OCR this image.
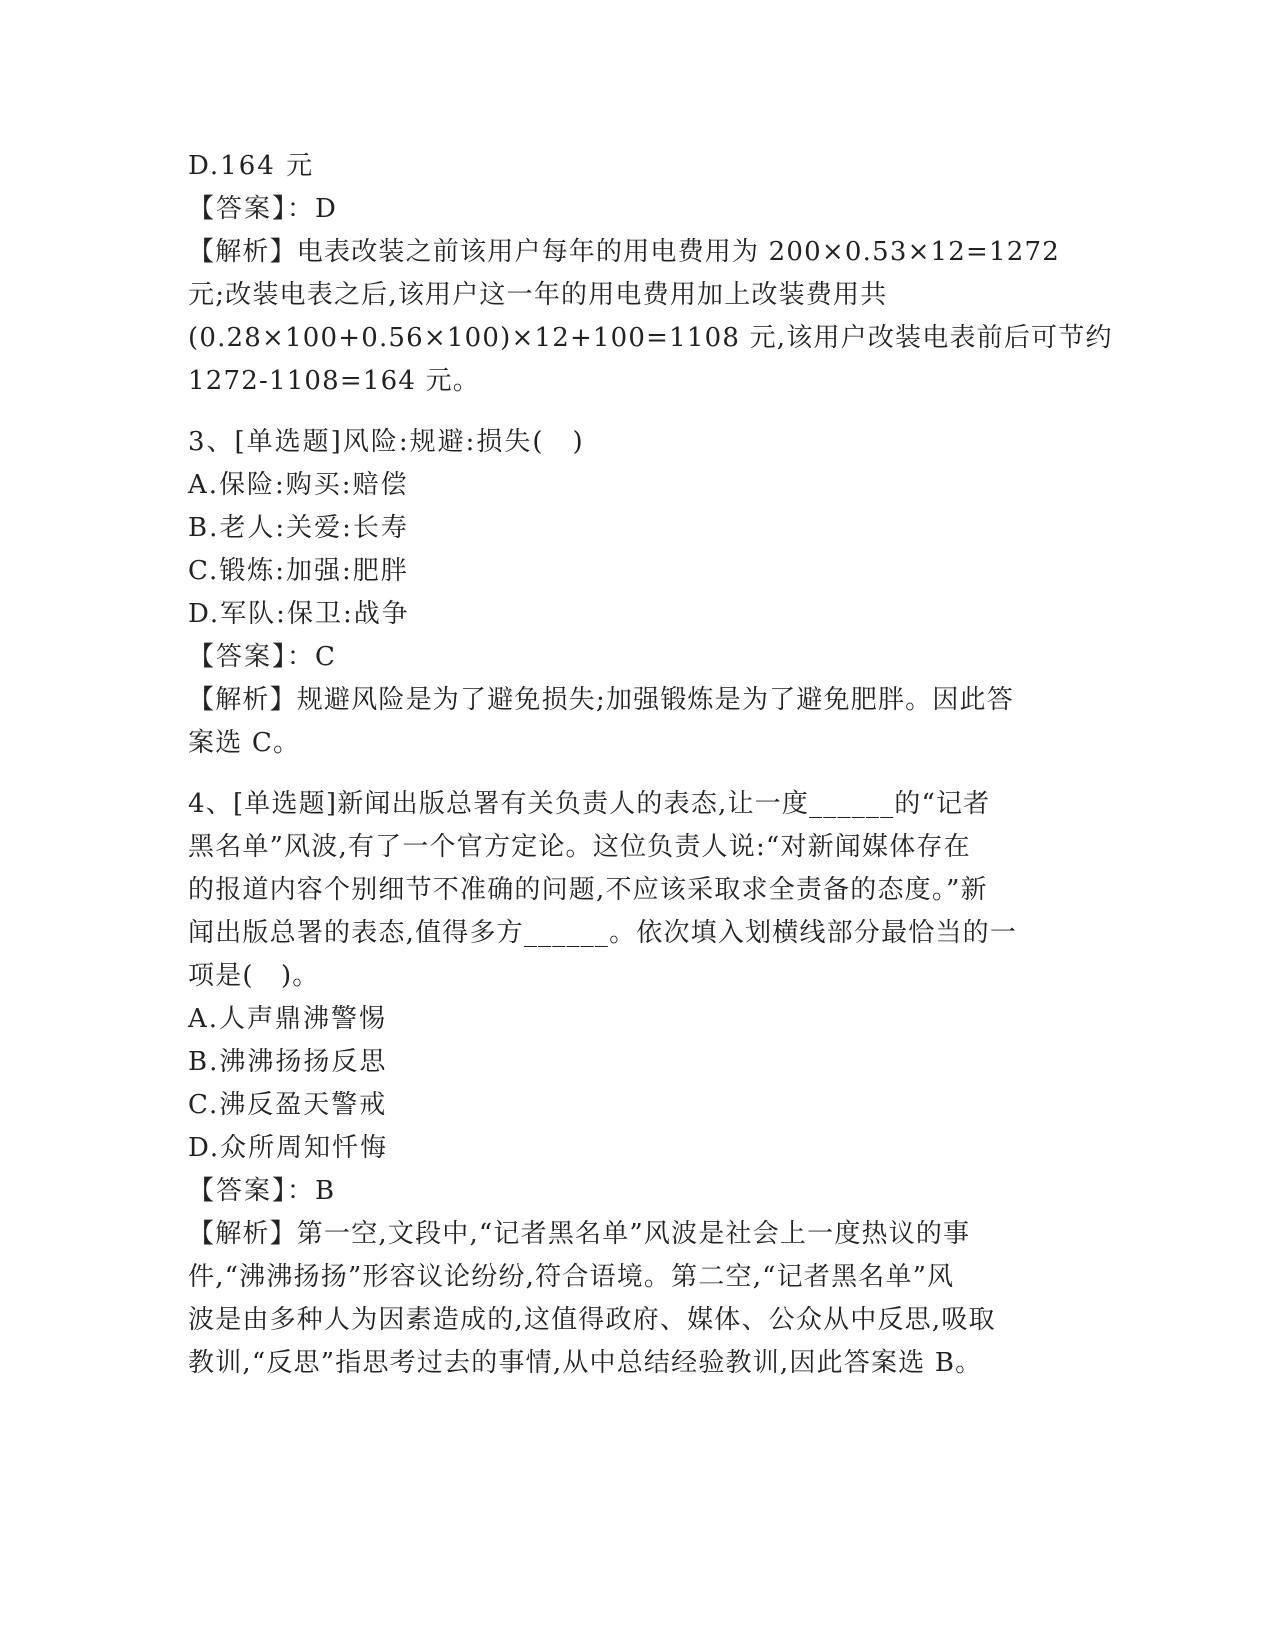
D.164 元
【答案】：D
【解析】电表改装之前该用户每年的用电费用为 200×0.53×12=1272
元;改装电表之后,该用户这一年的用电费用加上改装费用共
(0.28×100+0.56×100)×12+100=1108 元,该用户改装电表前后可节约
1272-1108=164 元。
3、[单选题]风险:规避:损失(　)
A.保险:购买:赔偿
B.老人:关爱:长寿
C.锻炼:加强:肥胖
D.军队:保卫:战争
【答案】：C
【解析】规避风险是为了避免损失;加强锻炼是为了避免肥胖。因此答
案选 C。
4、[单选题]新闻出版总署有关负责人的表态,让一度______的“记者
黑名单”风波,有了一个官方定论。这位负责人说:“对新闻媒体存在
的报道内容个别细节不准确的问题,不应该采取求全责备的态度。”新
闻出版总署的表态,值得多方______。依次填入划横线部分最恰当的一
项是(　)。
A.人声鼎沸警惕
B.沸沸扬扬反思
C.沸反盈天警戒
D.众所周知忏悔
【答案】：B
【解析】第一空,文段中,“记者黑名单”风波是社会上一度热议的事
件,“沸沸扬扬”形容议论纷纷,符合语境。第二空,“记者黑名单”风
波是由多种人为因素造成的,这值得政府、媒体、公众从中反思,吸取
教训,“反思”指思考过去的事情,从中总结经验教训,因此答案选 B。
